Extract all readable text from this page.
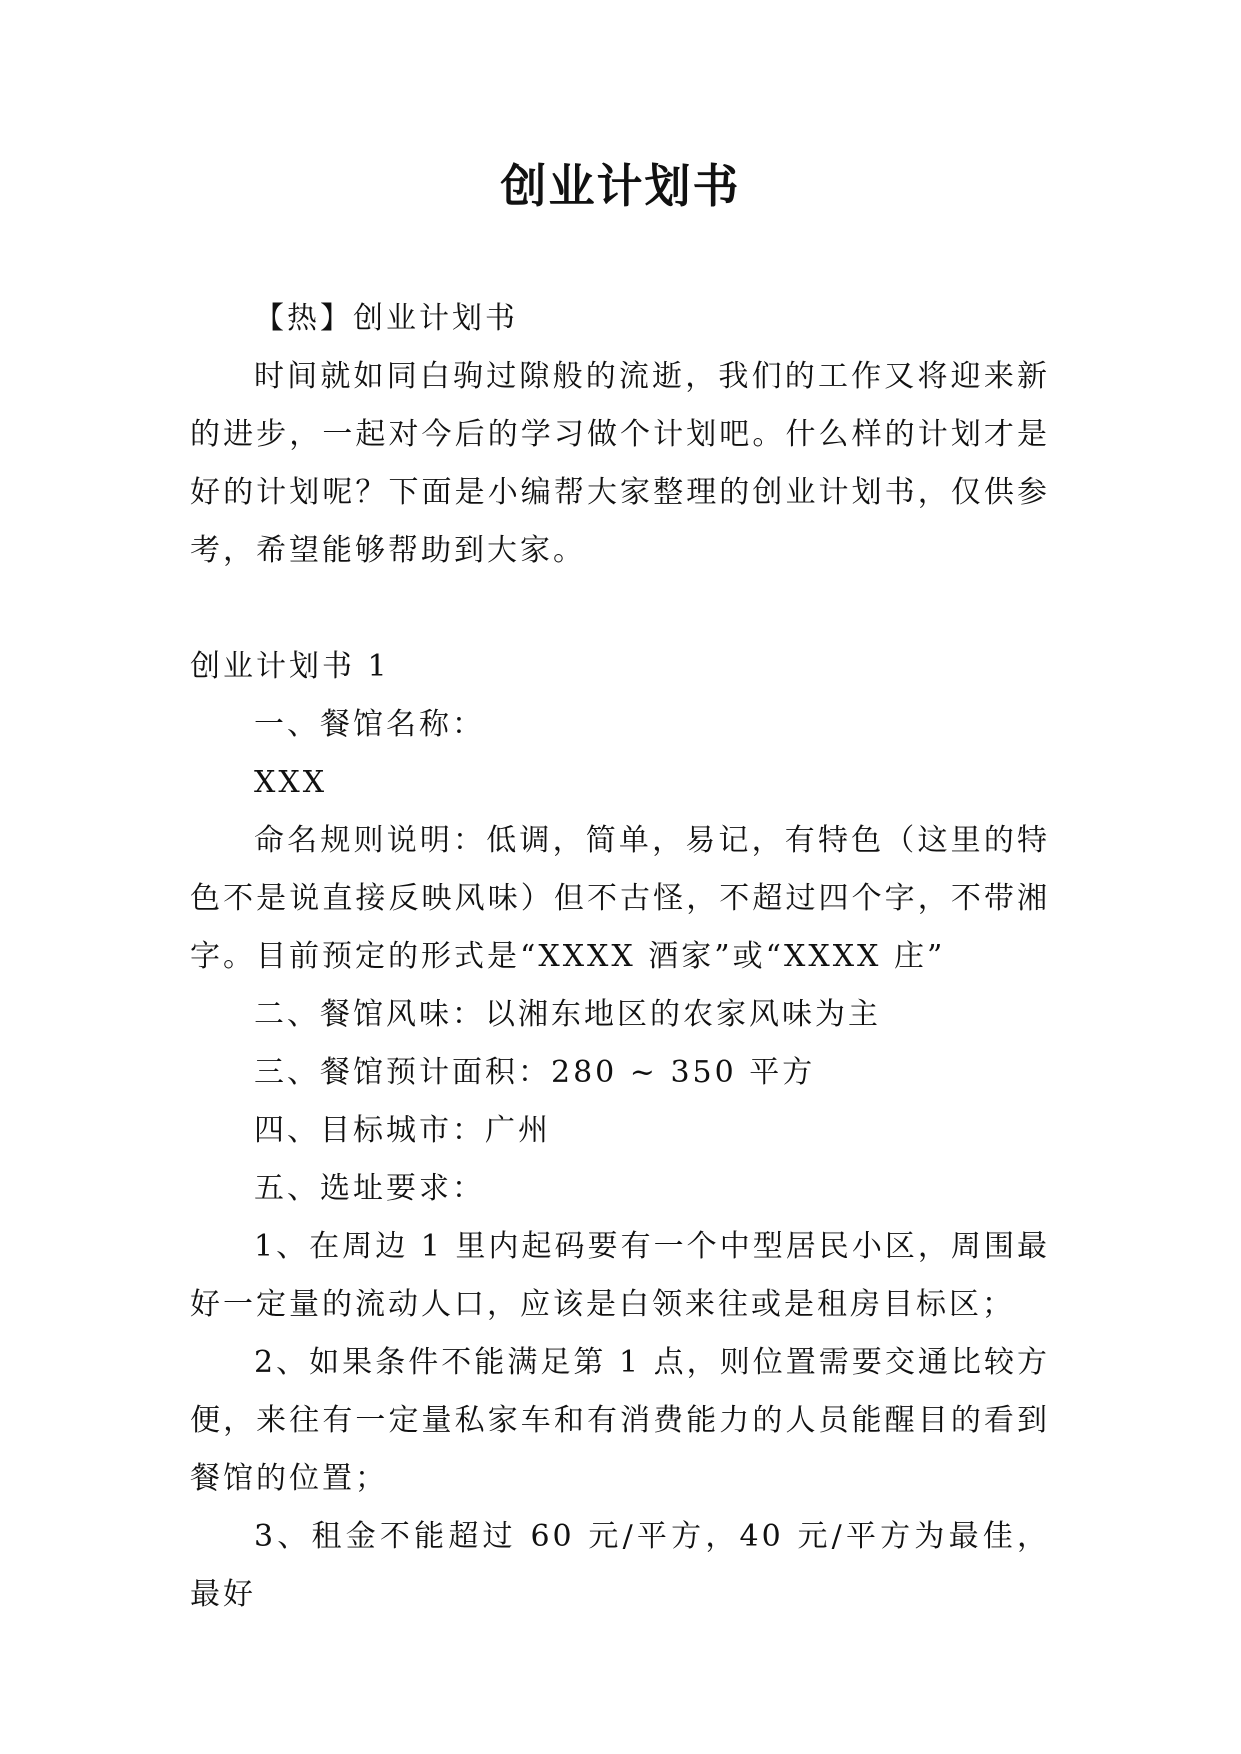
创业计划书

【热】创业计划书

时间就如同白驹过隙般的流逝，我们的工作又将迎来新的进步，一起对今后的学习做个计划吧。什么样的计划才是好的计划呢？下面是小编帮大家整理的创业计划书，仅供参考，希望能够帮助到大家。

创业计划书 1

一、餐馆名称：

XXX

命名规则说明：低调，简单，易记，有特色（这里的特色不是说直接反映风味）但不古怪，不超过四个字，不带湘字。目前预定的形式是“XXXX 酒家”或“XXXX 庄”

二、餐馆风味：以湘东地区的农家风味为主

三、餐馆预计面积：280 ~ 350 平方

四、目标城市：广州

五、选址要求：

1、在周边 1 里内起码要有一个中型居民小区，周围最好一定量的流动人口，应该是白领来往或是租房目标区；

2、如果条件不能满足第 1 点，则位置需要交通比较方便，来往有一定量私家车和有消费能力的人员能醒目的看到餐馆的位置；

3、租金不能超过 60 元/平方，40 元/平方为最佳，最好
